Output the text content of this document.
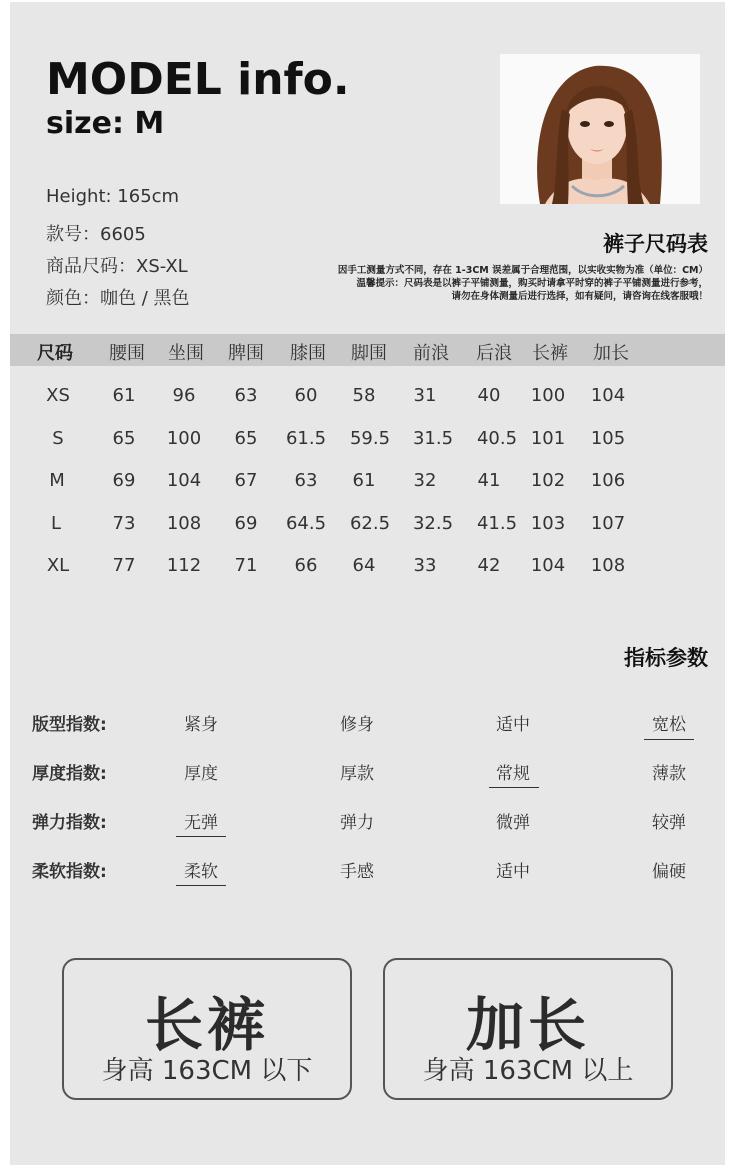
MODEL info.
size: M
Height: 165cm
款号：6605
商品尺码：XS-XL
颜色：咖色 / 黑色
裤子尺码表
因手工测量方式不同，存在 1-3CM 误差属于合理范围，以实收实物为准（单位：CM）
温馨提示：尺码表是以裤子平铺测量，购买时请拿平时穿的裤子平铺测量进行参考，
请勿在身体测量后进行选择，如有疑问，请咨询在线客服哦！
尺码 腰围 坐围 脾围 膝围 脚围 前浪 后浪 长裤 加长
XS 61 96 63 60 58 31 40 100 104
S	65 100 65 61.5 59.5 31.5 40.5 101 105
M	69 104 67 63 61 32 41 102 106
L	73 108 69 64.5 62.5 32.5 41.5 103 107
XL 77 112 71 66 64 33 42 104 108
指标参数
版型指数:	紧身	修身	适中	宽松
厚度指数:	厚度	厚款	常规	薄款
弹力指数:	无弹	弹力	微弹	较弹
柔软指数:	柔软	手感	适中	偏硬
长裤
身高 163CM 以下
加长
身高 163CM 以上
